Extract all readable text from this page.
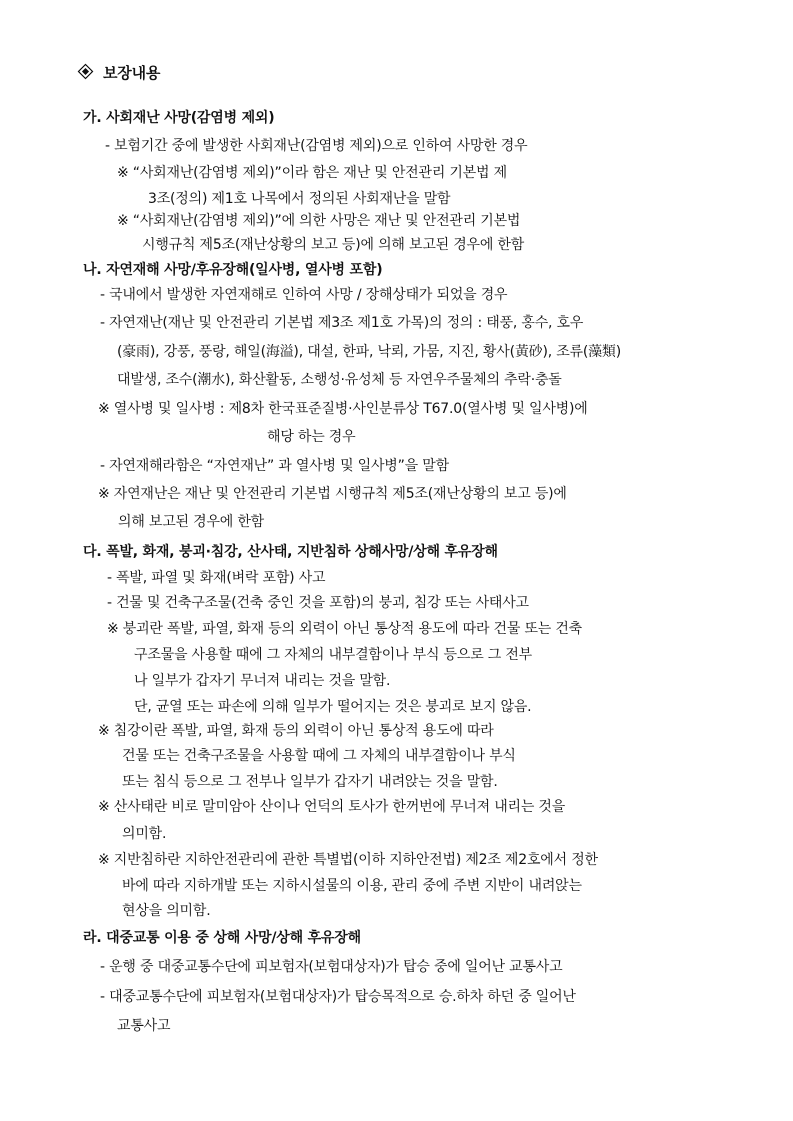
보장내용
가. 사회재난 사망(감염병 제외)
- 보험기간 중에 발생한 사회재난(감염병 제외)으로 인하여 사망한 경우
※ “사회재난(감염병 제외)”이라 함은 재난 및 안전관리 기본법 제
3조(정의) 제1호 나목에서 정의된 사회재난을 말함
※ “사회재난(감염병 제외)”에 의한 사망은 재난 및 안전관리 기본법
시행규칙 제5조(재난상황의 보고 등)에 의해 보고된 경우에 한함
나. 자연재해 사망/후유장해(일사병, 열사병 포함)
- 국내에서 발생한 자연재해로 인하여 사망 / 장해상태가 되었을 경우
- 자연재난(재난 및 안전관리 기본법 제3조 제1호 가목)의 정의 : 태풍, 홍수, 호우
(豪雨), 강풍, 풍랑, 해일(海溢), 대설, 한파, 낙뢰, 가뭄, 지진, 황사(黃砂), 조류(藻類)
대발생, 조수(潮水), 화산활동, 소행성·유성체 등 자연우주물체의 추락·충돌
※ 열사병 및 일사병 : 제8차 한국표준질병·사인분류상 T67.0(열사병 및 일사병)에
해당 하는 경우
- 자연재해라함은 “자연재난” 과 열사병 및 일사병”을 말함
※ 자연재난은 재난 및 안전관리 기본법 시행규칙 제5조(재난상황의 보고 등)에
의해 보고된 경우에 한함
다. 폭발, 화재, 붕괴·침강, 산사태, 지반침하 상해사망/상해 후유장해
- 폭발, 파열 및 화재(벼락 포함) 사고
- 건물 및 건축구조물(건축 중인 것을 포함)의 붕괴, 침강 또는 사태사고
※ 붕괴란 폭발, 파열, 화재 등의 외력이 아닌 통상적 용도에 따라 건물 또는 건축
구조물을 사용할 때에 그 자체의 내부결함이나 부식 등으로 그 전부
나 일부가 갑자기 무너져 내리는 것을 말함.
단, 균열 또는 파손에 의해 일부가 떨어지는 것은 붕괴로 보지 않음.
※ 침강이란 폭발, 파열, 화재 등의 외력이 아닌 통상적 용도에 따라
건물 또는 건축구조물을 사용할 때에 그 자체의 내부결함이나 부식
또는 침식 등으로 그 전부나 일부가 갑자기 내려앉는 것을 말함.
※ 산사태란 비로 말미암아 산이나 언덕의 토사가 한꺼번에 무너져 내리는 것을
의미함.
※ 지반침하란 지하안전관리에 관한 특별법(이하 지하안전법) 제2조 제2호에서 정한
바에 따라 지하개발 또는 지하시설물의 이용, 관리 중에 주변 지반이 내려앉는
현상을 의미함.
라. 대중교통 이용 중 상해 사망/상해 후유장해
- 운행 중 대중교통수단에 피보험자(보험대상자)가 탑승 중에 일어난 교통사고
- 대중교통수단에 피보험자(보험대상자)가 탑승목적으로 승.하차 하던 중 일어난
교통사고
